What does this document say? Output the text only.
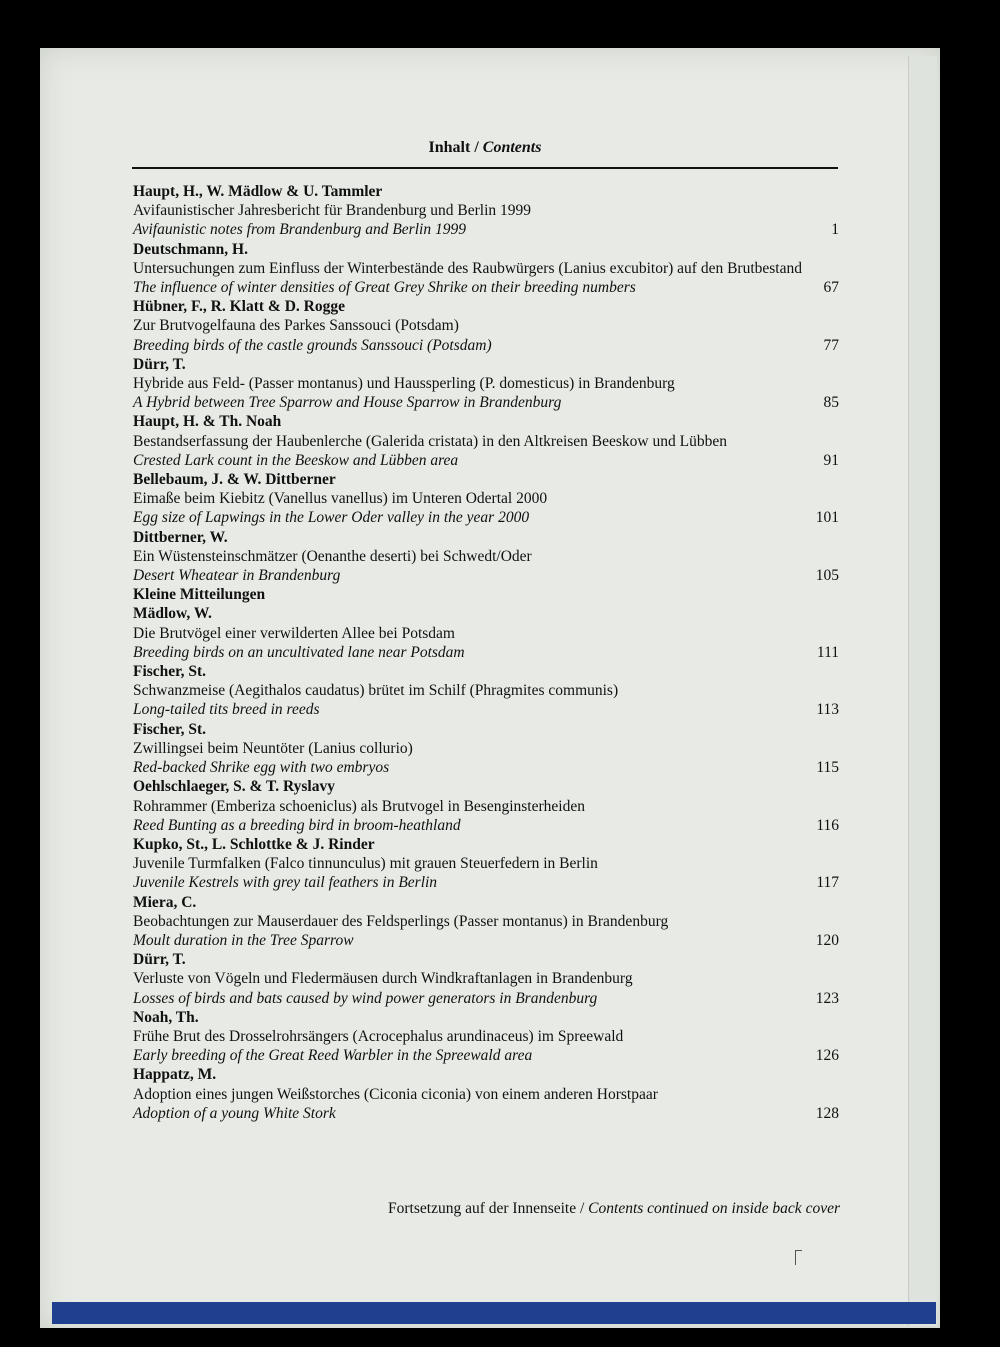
Inhalt / Contents
Haupt, H., W. Mädlow & U. Tammler
Avifaunistischer Jahresbericht für Brandenburg und Berlin 1999
Avifaunistic notes from Brandenburg and Berlin 1999	1
Deutschmann, H.
Untersuchungen zum Einfluss der Winterbestände des Raubwürgers (Lanius excubitor) auf den Brutbestand
The influence of winter densities of Great Grey Shrike on their breeding numbers	67
Hübner, F., R. Klatt & D. Rogge
Zur Brutvogelfauna des Parkes Sanssouci (Potsdam)
Breeding birds of the castle grounds Sanssouci (Potsdam)	77
Dürr, T.
Hybride aus Feld- (Passer montanus) und Haussperling (P. domesticus) in Brandenburg
A Hybrid between Tree Sparrow and House Sparrow in Brandenburg	85
Haupt, H. & Th. Noah
Bestandserfassung der Haubenlerche (Galerida cristata) in den Altkreisen Beeskow und Lübben
Crested Lark count in the Beeskow and Lübben area	91
Bellebaum, J. & W. Dittberner
Eimaße beim Kiebitz (Vanellus vanellus) im Unteren Odertal 2000
Egg size of Lapwings in the Lower Oder valley in the year 2000	101
Dittberner, W.
Ein Wüstensteinschmätzer (Oenanthe deserti) bei Schwedt/Oder
Desert Wheatear in Brandenburg	105
Kleine Mitteilungen
Mädlow, W.
Die Brutvögel einer verwilderten Allee bei Potsdam
Breeding birds on an uncultivated lane near Potsdam	111
Fischer, St.
Schwanzmeise (Aegithalos caudatus) brütet im Schilf (Phragmites communis)
Long-tailed tits breed in reeds	113
Fischer, St.
Zwillingsei beim Neuntöter (Lanius collurio)
Red-backed Shrike egg with two embryos	115
Oehlschlaeger, S. & T. Ryslavy
Rohrammer (Emberiza schoeniclus) als Brutvogel in Besenginsterheiden
Reed Bunting as a breeding bird in broom-heathland	116
Kupko, St., L. Schlottke & J. Rinder
Juvenile Turmfalken (Falco tinnunculus) mit grauen Steuerfedern in Berlin
Juvenile Kestrels with grey tail feathers in Berlin	117
Miera, C.
Beobachtungen zur Mauserdauer des Feldsperlings (Passer montanus) in Brandenburg
Moult duration in the Tree Sparrow	120
Dürr, T.
Verluste von Vögeln und Fledermäusen durch Windkraftanlagen in Brandenburg
Losses of birds and bats caused by wind power generators in Brandenburg	123
Noah, Th.
Frühe Brut des Drosselrohrsängers (Acrocephalus arundinaceus) im Spreewald
Early breeding of the Great Reed Warbler in the Spreewald area	126
Happatz, M.
Adoption eines jungen Weißstorches (Ciconia ciconia) von einem anderen Horstpaar
Adoption of a young White Stork	128
Fortsetzung auf der Innenseite / Contents continued on inside back cover
